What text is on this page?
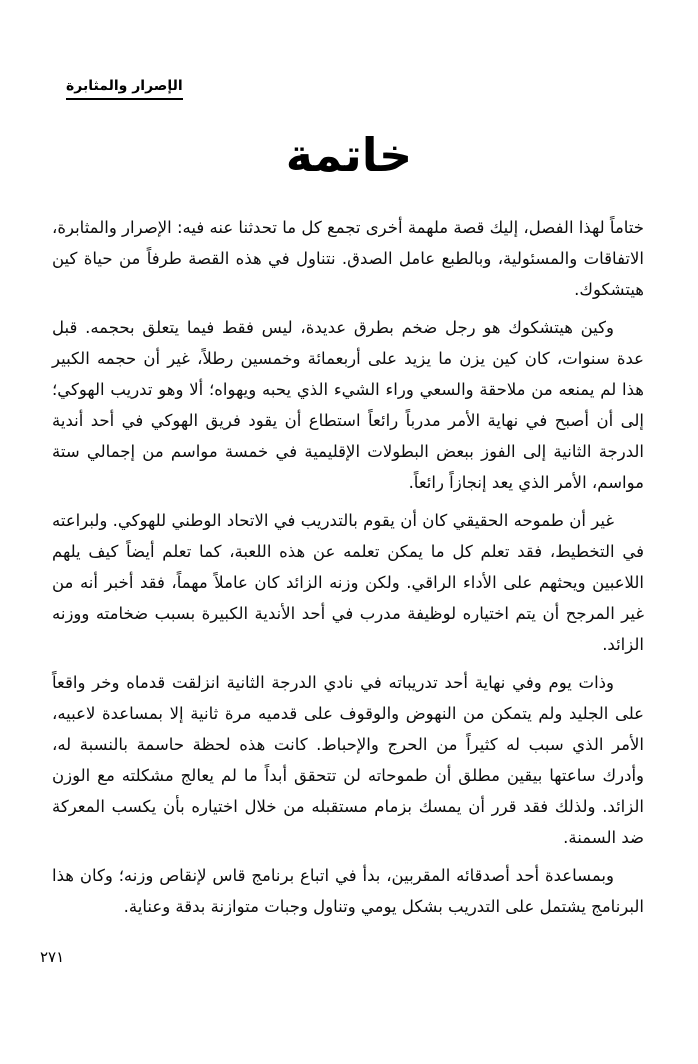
الإصرار والمثابرة
خاتمة

ختاماً لهذا الفصل، إليك قصة ملهمة أخرى تجمع كل ما تحدثنا عنه فيه: الإصرار والمثابرة، الاتفاقات والمسئولية، وبالطبع عامل الصدق. نتناول في هذه القصة طرفاً من حياة كين هيتشكوك.

وكين هيتشكوك هو رجل ضخم بطرق عديدة، ليس فقط فيما يتعلق بحجمه. قبل عدة سنوات، كان كين يزن ما يزيد على أربعمائة وخمسين رطلاً، غير أن حجمه الكبير هذا لم يمنعه من ملاحقة والسعي وراء الشيء الذي يحبه ويهواه؛ ألا وهو تدريب الهوكي؛ إلى أن أصبح في نهاية الأمر مدرباً رائعاً استطاع أن يقود فريق الهوكي في أحد أندية الدرجة الثانية إلى الفوز ببعض البطولات الإقليمية في خمسة مواسم من إجمالي ستة مواسم، الأمر الذي يعد إنجازاً رائعاً.

غير أن طموحه الحقيقي كان أن يقوم بالتدريب في الاتحاد الوطني للهوكي. ولبراعته في التخطيط، فقد تعلم كل ما يمكن تعلمه عن هذه اللعبة، كما تعلم أيضاً كيف يلهم اللاعبين ويحثهم على الأداء الراقي. ولكن وزنه الزائد كان عاملاً مهماً، فقد أخبر أنه من غير المرجح أن يتم اختياره لوظيفة مدرب في أحد الأندية الكبيرة بسبب ضخامته ووزنه الزائد.

وذات يوم وفي نهاية أحد تدريباته في نادي الدرجة الثانية انزلقت قدماه وخر واقعاً على الجليد ولم يتمكن من النهوض والوقوف على قدميه مرة ثانية إلا بمساعدة لاعبيه، الأمر الذي سبب له كثيراً من الحرج والإحباط. كانت هذه لحظة حاسمة بالنسبة له، وأدرك ساعتها بيقين مطلق أن طموحاته لن تتحقق أبداً ما لم يعالج مشكلته مع الوزن الزائد. ولذلك فقد قرر أن يمسك بزمام مستقبله من خلال اختياره بأن يكسب المعركة ضد السمنة.

وبمساعدة أحد أصدقائه المقربين، بدأ في اتباع برنامج قاس لإنقاص وزنه؛ وكان هذا البرنامج يشتمل على التدريب بشكل يومي وتناول وجبات متوازنة بدقة وعناية.

٢٧١
